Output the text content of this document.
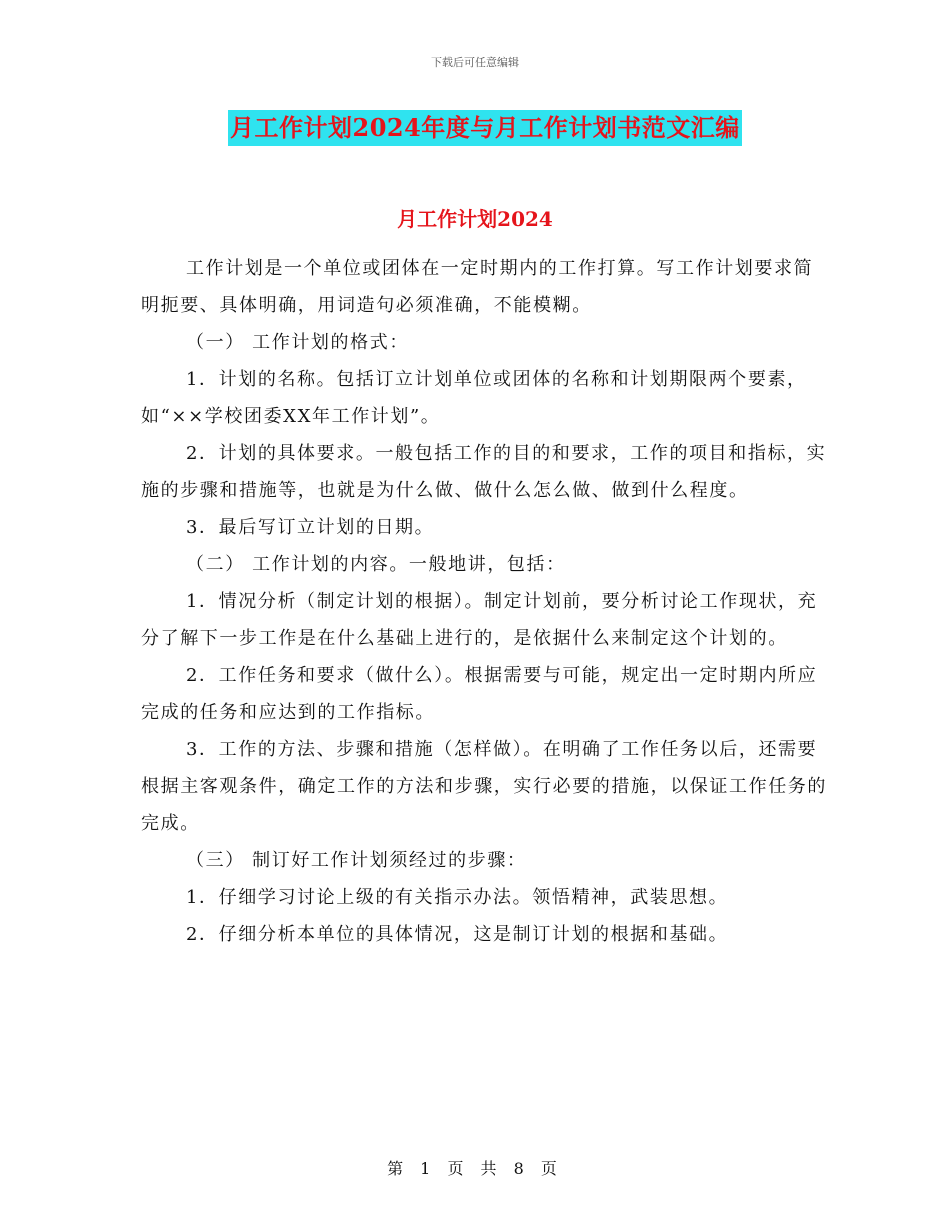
下载后可任意编辑
月工作计划2024年度与月工作计划书范文汇编
月工作计划2024

工作计划是一个单位或团体在一定时期内的工作打算。写工作计划要求简明扼要、具体明确，用词造句必须准确，不能模糊。

（一） 工作计划的格式：

1．计划的名称。包括订立计划单位或团体的名称和计划期限两个要素，如“××学校团委XX年工作计划”。

2．计划的具体要求。一般包括工作的目的和要求，工作的项目和指标，实施的步骤和措施等，也就是为什么做、做什么怎么做、做到什么程度。

3．最后写订立计划的日期。

（二） 工作计划的内容。一般地讲，包括：

1．情况分析（制定计划的根据）。制定计划前，要分析讨论工作现状，充分了解下一步工作是在什么基础上进行的，是依据什么来制定这个计划的。

2．工作任务和要求（做什么）。根据需要与可能，规定出一定时期内所应完成的任务和应达到的工作指标。

3．工作的方法、步骤和措施（怎样做）。在明确了工作任务以后，还需要根据主客观条件，确定工作的方法和步骤，实行必要的措施，以保证工作任务的完成。

（三） 制订好工作计划须经过的步骤：

1．仔细学习讨论上级的有关指示办法。领悟精神，武装思想。

2．仔细分析本单位的具体情况，这是制订计划的根据和基础。

第 1 页 共 8 页
